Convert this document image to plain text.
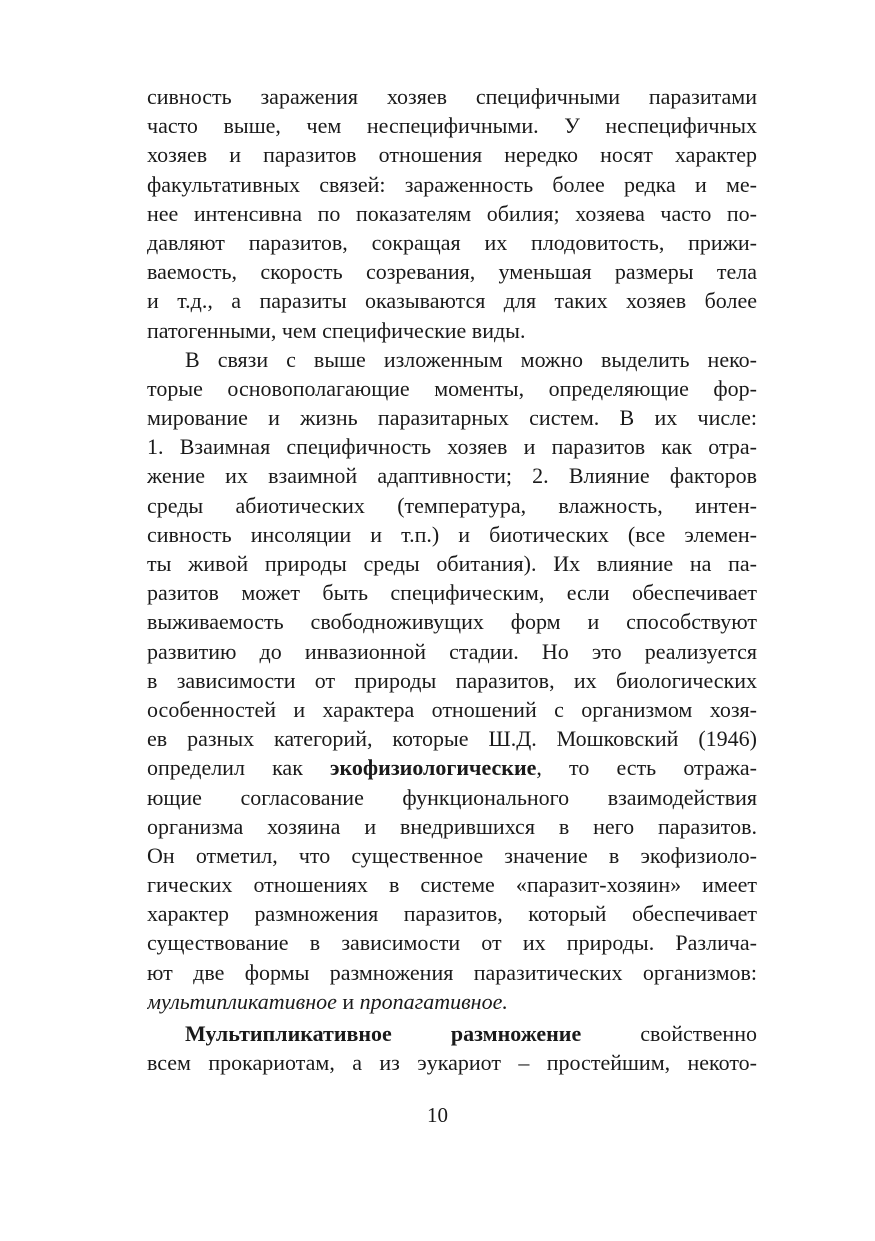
сивность заражения хозяев специфичными паразитами
часто выше, чем неспецифичными. У неспецифичных
хозяев и паразитов отношения нередко носят характер
факультативных связей: зараженность более редка и ме-
нее интенсивна по показателям обилия; хозяева часто по-
давляют паразитов, сокращая их плодовитость, прижи-
ваемость, скорость созревания, уменьшая размеры тела
и т.д., а паразиты оказываются для таких хозяев более
патогенными, чем специфические виды.
В связи с выше изложенным можно выделить неко-
торые основополагающие моменты, определяющие фор-
мирование и жизнь паразитарных систем. В их числе:
1. Взаимная специфичность хозяев и паразитов как отра-
жение их взаимной адаптивности; 2. Влияние факторов
среды абиотических (температура, влажность, интен-
сивность инсоляции и т.п.) и биотических (все элемен-
ты живой природы среды обитания). Их влияние на па-
разитов может быть специфическим, если обеспечивает
выживаемость свободноживущих форм и способствуют
развитию до инвазионной стадии. Но это реализуется
в зависимости от природы паразитов, их биологических
особенностей и характера отношений с организмом хозя-
ев разных категорий, которые Ш.Д. Мошковский (1946)
определил как экофизиологические, то есть отража-
ющие согласование функционального взаимодействия
организма хозяина и внедрившихся в него паразитов.
Он отметил, что существенное значение в экофизиоло-
гических отношениях в системе «паразит-хозяин» имеет
характер размножения паразитов, который обеспечивает
существование в зависимости от их природы. Различа-
ют две формы размножения паразитических организмов:
мультипликативное и пропагативное.
Мультипликативное размножение свойственно
всем прокариотам, а из эукариот – простейшим, некото-
10
